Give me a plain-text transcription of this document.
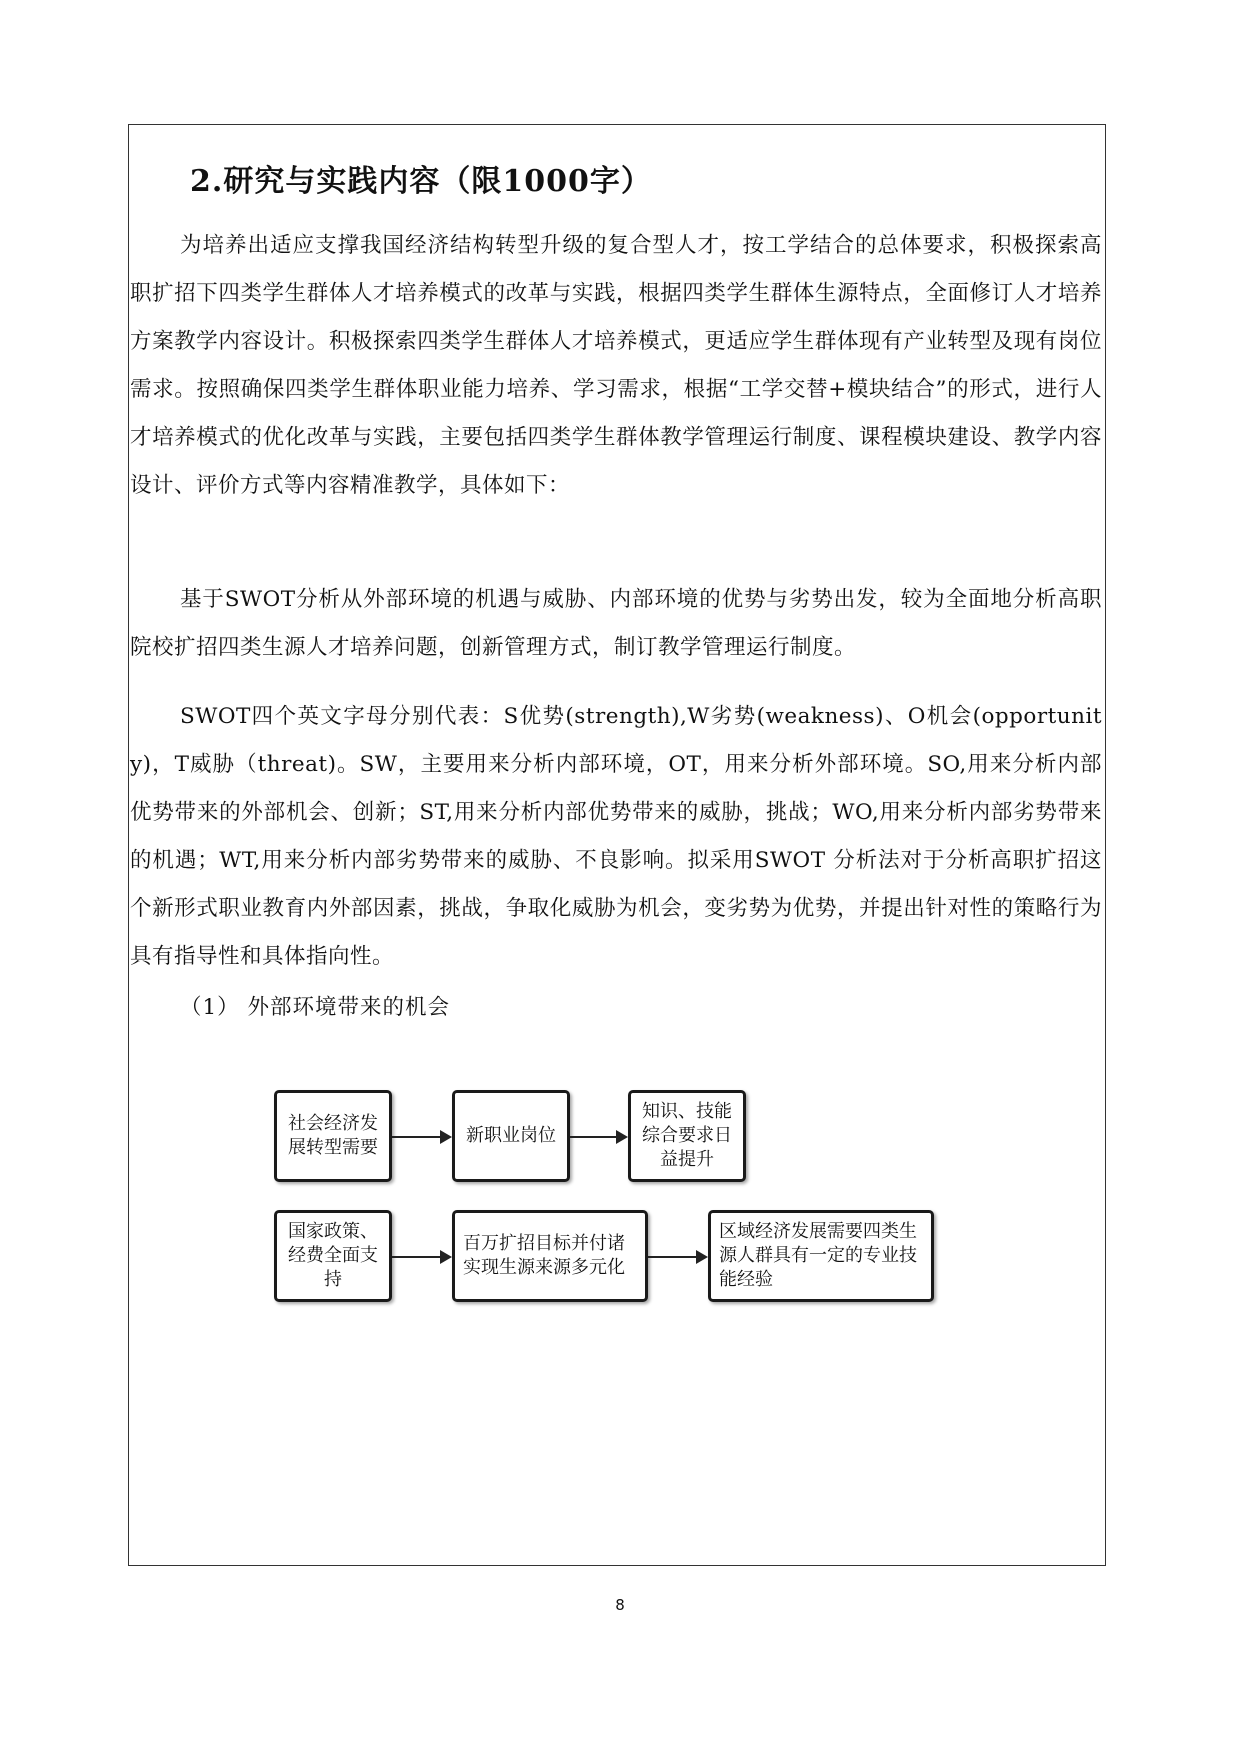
2.研究与实践内容（限1000字）
为培养出适应支撑我国经济结构转型升级的复合型人才，按工学结合的总体要求，积极探索高职扩招下四类学生群体人才培养模式的改革与实践，根据四类学生群体生源特点，全面修订人才培养方案教学内容设计。积极探索四类学生群体人才培养模式，更适应学生群体现有产业转型及现有岗位需求。按照确保四类学生群体职业能力培养、学习需求，根据“工学交替+模块结合”的形式，进行人才培养模式的优化改革与实践，主要包括四类学生群体教学管理运行制度、课程模块建设、教学内容设计、评价方式等内容精准教学，具体如下：
基于SWOT分析从外部环境的机遇与威胁、内部环境的优势与劣势出发，较为全面地分析高职院校扩招四类生源人才培养问题，创新管理方式，制订教学管理运行制度。
SWOT四个英文字母分别代表：S优势(strength),W劣势(weakness)、O机会(opportunity)，T威胁（threat)。SW，主要用来分析内部环境，OT，用来分析外部环境。SO,用来分析内部优势带来的外部机会、创新；ST,用来分析内部优势带来的威胁，挑战；WO,用来分析内部劣势带来的机遇；WT,用来分析内部劣势带来的威胁、不良影响。拟采用SWOT 分析法对于分析高职扩招这个新形式职业教育内外部因素，挑战，争取化威胁为机会，变劣势为优势，并提出针对性的策略行为具有指导性和具体指向性。
（1） 外部环境带来的机会
社会经济发展转型需要
新职业岗位
知识、技能综合要求日益提升
国家政策、经费全面支持
百万扩招目标并付诸实现生源来源多元化
区域经济发展需要四类生源人群具有一定的专业技能经验
8
